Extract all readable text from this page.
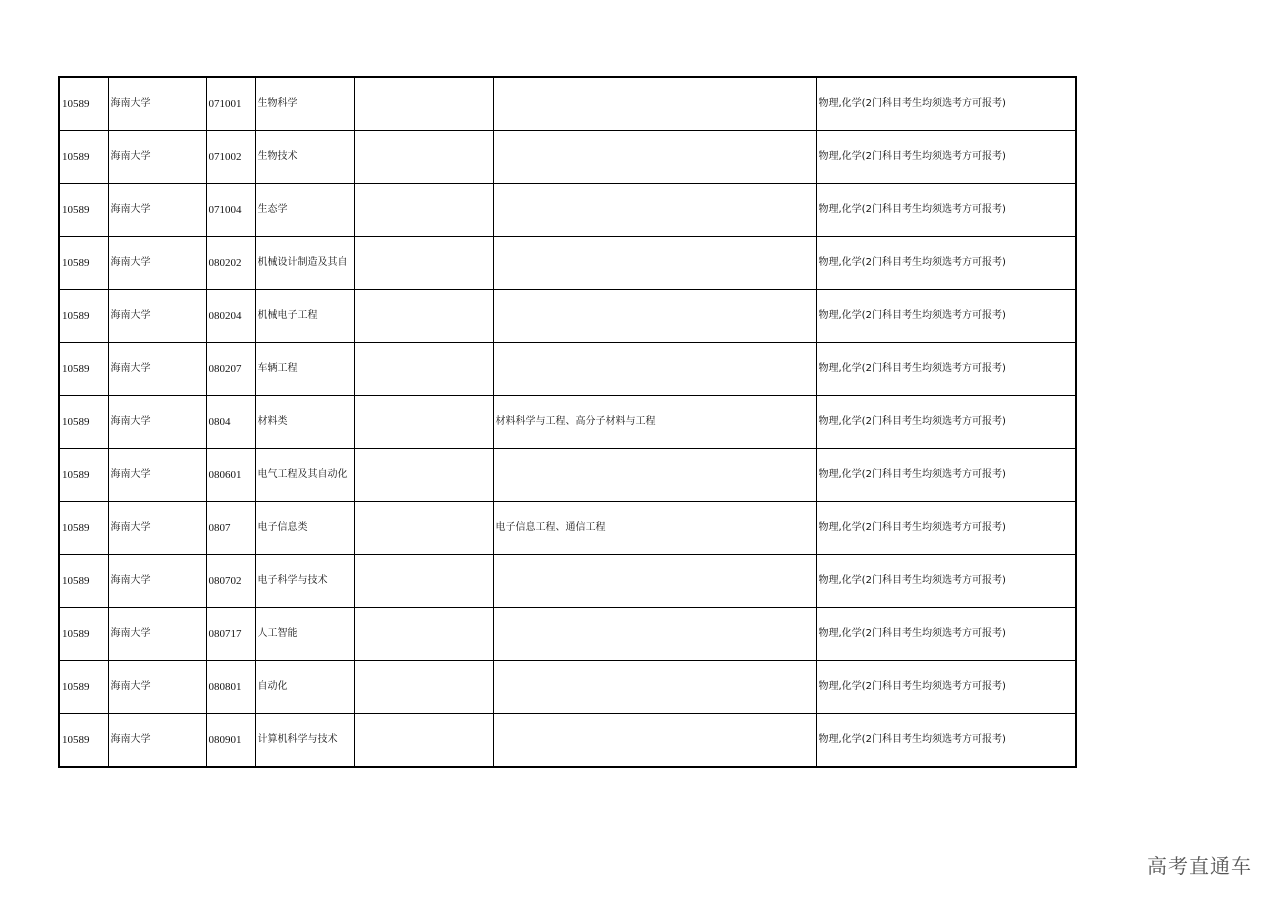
10589	海南大学	071001	生物科学			物理,化学(2门科目考生均须选考方可报考)
10589	海南大学	071002	生物技术			物理,化学(2门科目考生均须选考方可报考)
10589	海南大学	071004	生态学			物理,化学(2门科目考生均须选考方可报考)
10589	海南大学	080202	机械设计制造及其自			物理,化学(2门科目考生均须选考方可报考)
10589	海南大学	080204	机械电子工程			物理,化学(2门科目考生均须选考方可报考)
10589	海南大学	080207	车辆工程			物理,化学(2门科目考生均须选考方可报考)
10589	海南大学	0804	材料类		材料科学与工程、高分子材料与工程	物理,化学(2门科目考生均须选考方可报考)
10589	海南大学	080601	电气工程及其自动化			物理,化学(2门科目考生均须选考方可报考)
10589	海南大学	0807	电子信息类		电子信息工程、通信工程	物理,化学(2门科目考生均须选考方可报考)
10589	海南大学	080702	电子科学与技术			物理,化学(2门科目考生均须选考方可报考)
10589	海南大学	080717	人工智能			物理,化学(2门科目考生均须选考方可报考)
10589	海南大学	080801	自动化			物理,化学(2门科目考生均须选考方可报考)
10589	海南大学	080901	计算机科学与技术			物理,化学(2门科目考生均须选考方可报考)
高考直通车
